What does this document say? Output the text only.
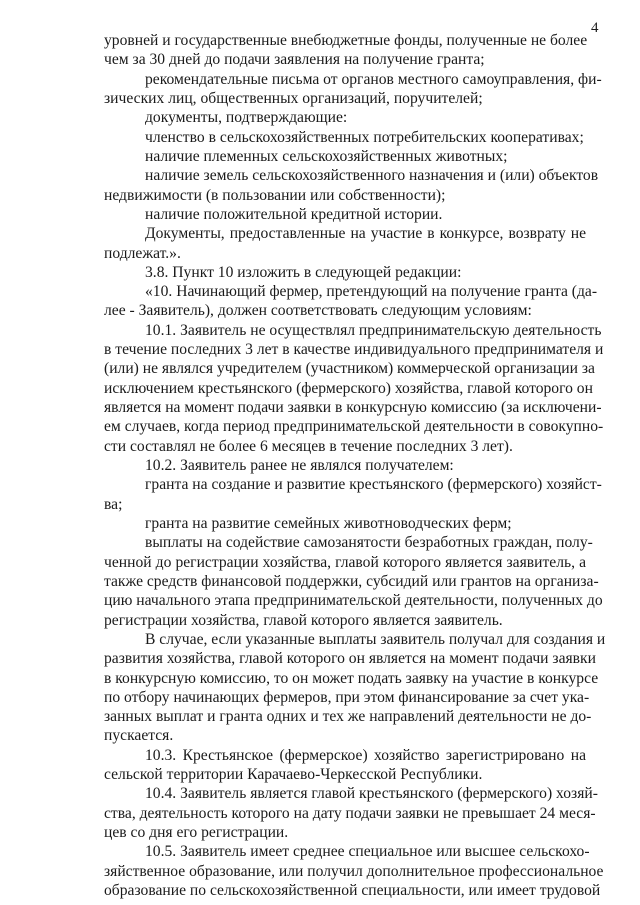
4
уровней и государственные внебюджетные фонды, полученные не более
чем за 30 дней до подачи заявления на получение гранта;
рекомендательные письма от органов местного самоуправления, фи-
зических лиц, общественных организаций, поручителей;
документы, подтверждающие:
членство в сельскохозяйственных потребительских кооперативах;
наличие племенных сельскохозяйственных животных;
наличие земель сельскохозяйственного назначения и (или) объектов
недвижимости (в пользовании или собственности);
наличие положительной кредитной истории.
Документы, предоставленные на участие в конкурсе, возврату не
подлежат.».
3.8. Пункт 10 изложить в следующей редакции:
«10. Начинающий фермер, претендующий на получение гранта (да-
лее - Заявитель), должен соответствовать следующим условиям:
10.1. Заявитель не осуществлял предпринимательскую деятельность
в течение последних 3 лет в качестве индивидуального предпринимателя и
(или) не являлся учредителем (участником) коммерческой организации за
исключением крестьянского (фермерского) хозяйства, главой которого он
является на момент подачи заявки в конкурсную комиссию (за исключени-
ем случаев, когда период предпринимательской деятельности в совокупно-
сти составлял не более 6 месяцев в течение последних 3 лет).
10.2. Заявитель ранее не являлся получателем:
гранта на создание и развитие крестьянского (фермерского) хозяйст-
ва;
гранта на развитие семейных животноводческих ферм;
выплаты на содействие самозанятости безработных граждан, полу-
ченной до регистрации хозяйства, главой которого является заявитель, а
также средств финансовой поддержки, субсидий или грантов на организа-
цию начального этапа предпринимательской деятельности, полученных до
регистрации хозяйства, главой которого является заявитель.
В случае, если указанные выплаты заявитель получал для создания и
развития хозяйства, главой которого он является на момент подачи заявки
в конкурсную комиссию, то он может подать заявку на участие в конкурсе
по отбору начинающих фермеров, при этом финансирование за счет ука-
занных выплат и гранта одних и тех же направлений деятельности не до-
пускается.
10.3. Крестьянское (фермерское) хозяйство зарегистрировано на
сельской территории Карачаево-Черкесской Республики.
10.4. Заявитель является главой крестьянского (фермерского) хозяй-
ства, деятельность которого на дату подачи заявки не превышает 24 меся-
цев со дня его регистрации.
10.5. Заявитель имеет среднее специальное или высшее сельскохо-
зяйственное образование, или получил дополнительное профессиональное
образование по сельскохозяйственной специальности, или имеет трудовой
